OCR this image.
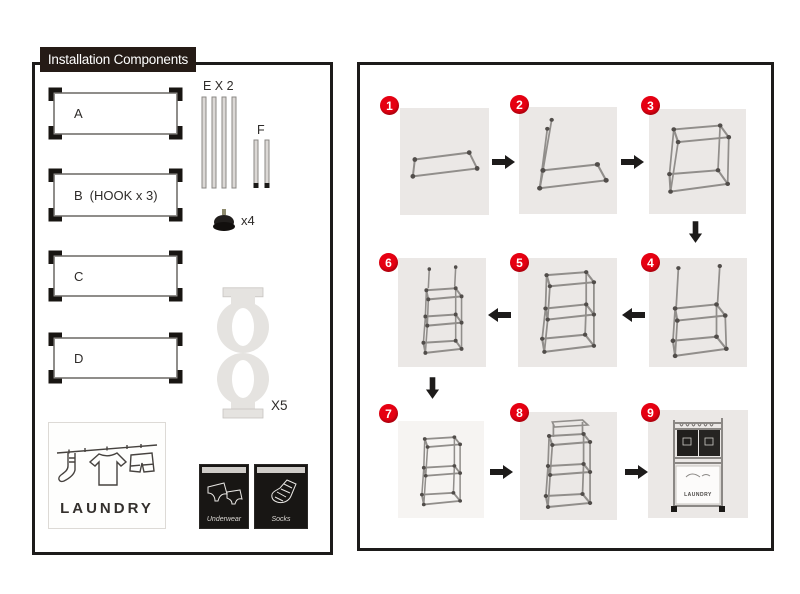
Installation Components
A
B (HOOK x 3)
C
D
E X 2
F
x4
X5
LAUNDRY
Underwear	Socks
1	2	3
4
5
6
7	8	9
LAUNDRY
